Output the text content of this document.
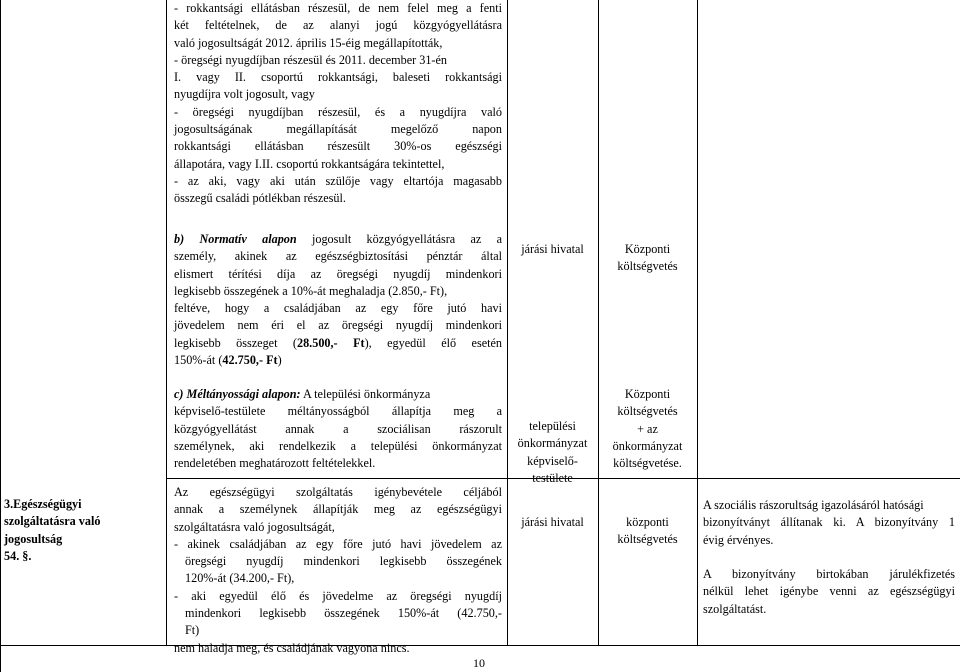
- rokkantsági ellátásban részesül, de nem felel meg a fenti
két feltételnek, de az alanyi jogú közgyógyellátásra
való jogosultságát 2012. április 15-éig megállapították,
- öregségi nyugdíjban részesül és 2011. december 31-én
I. vagy II. csoportú rokkantsági, baleseti rokkantsági
nyugdíjra volt jogosult, vagy
- öregségi nyugdíjban részesül, és a nyugdíjra való
jogosultságának megállapítását megelőző napon
rokkantsági ellátásban részesült 30%-os egészségi
állapotára, vagy I.II. csoportú rokkantságára tekintettel,
- az aki, vagy aki után szülője vagy eltartója magasabb
összegű családi pótlékban részesül.
b) Normatív alapon jogosult közgyógyellátásra az a
személy, akinek az egészségbiztosítási pénztár által
elismert térítési díja az öregségi nyugdíj mindenkori
legkisebb összegének a 10%-át meghaladja (2.850,- Ft),
feltéve, hogy a családjában az egy főre jutó havi
jövedelem nem éri el az öregségi nyugdíj mindenkori
legkisebb összeget (28.500,- Ft), egyedül élő esetén
150%-át (42.750,- Ft)
járási hivatal	Központi
költségvetés
c) Méltányossági alapon: A települési önkormányza
képviselő-testülete méltányosságból állapítja meg a
közgyógyellátást annak a szociálisan rászorult
személynek, aki rendelkezik a települési önkormányzat
rendeletében meghatározott feltételekkel.
települési
önkormányzat
képviselő-
testülete
Központi
költségvetés
+ az
önkormányzat
költségvetése.
3.Egészségügyi
szolgáltatásra való
jogosultság
54. §.
Az egészségügyi szolgáltatás igénybevétele céljából
annak a személynek állapítják meg az egészségügyi
szolgáltatásra való jogosultságát,
- akinek családjában az egy főre jutó havi jövedelem az
öregségi nyugdíj mindenkori legkisebb összegének
120%-át (34.200,- Ft),
- aki egyedül élő és jövedelme az öregségi nyugdíj
mindenkori legkisebb összegének 150%-át (42.750,-
Ft)
nem haladja meg, és családjának vagyona nincs.
járási hivatal	központi
költségvetés
A szociális rászorultság igazolásáról hatósági
bizonyítványt állítanak ki. A bizonyítvány 1
évig érvényes.

A bizonyítvány birtokában járulékfizetés
nélkül lehet igénybe venni az egészségügyi
szolgáltatást.
10
